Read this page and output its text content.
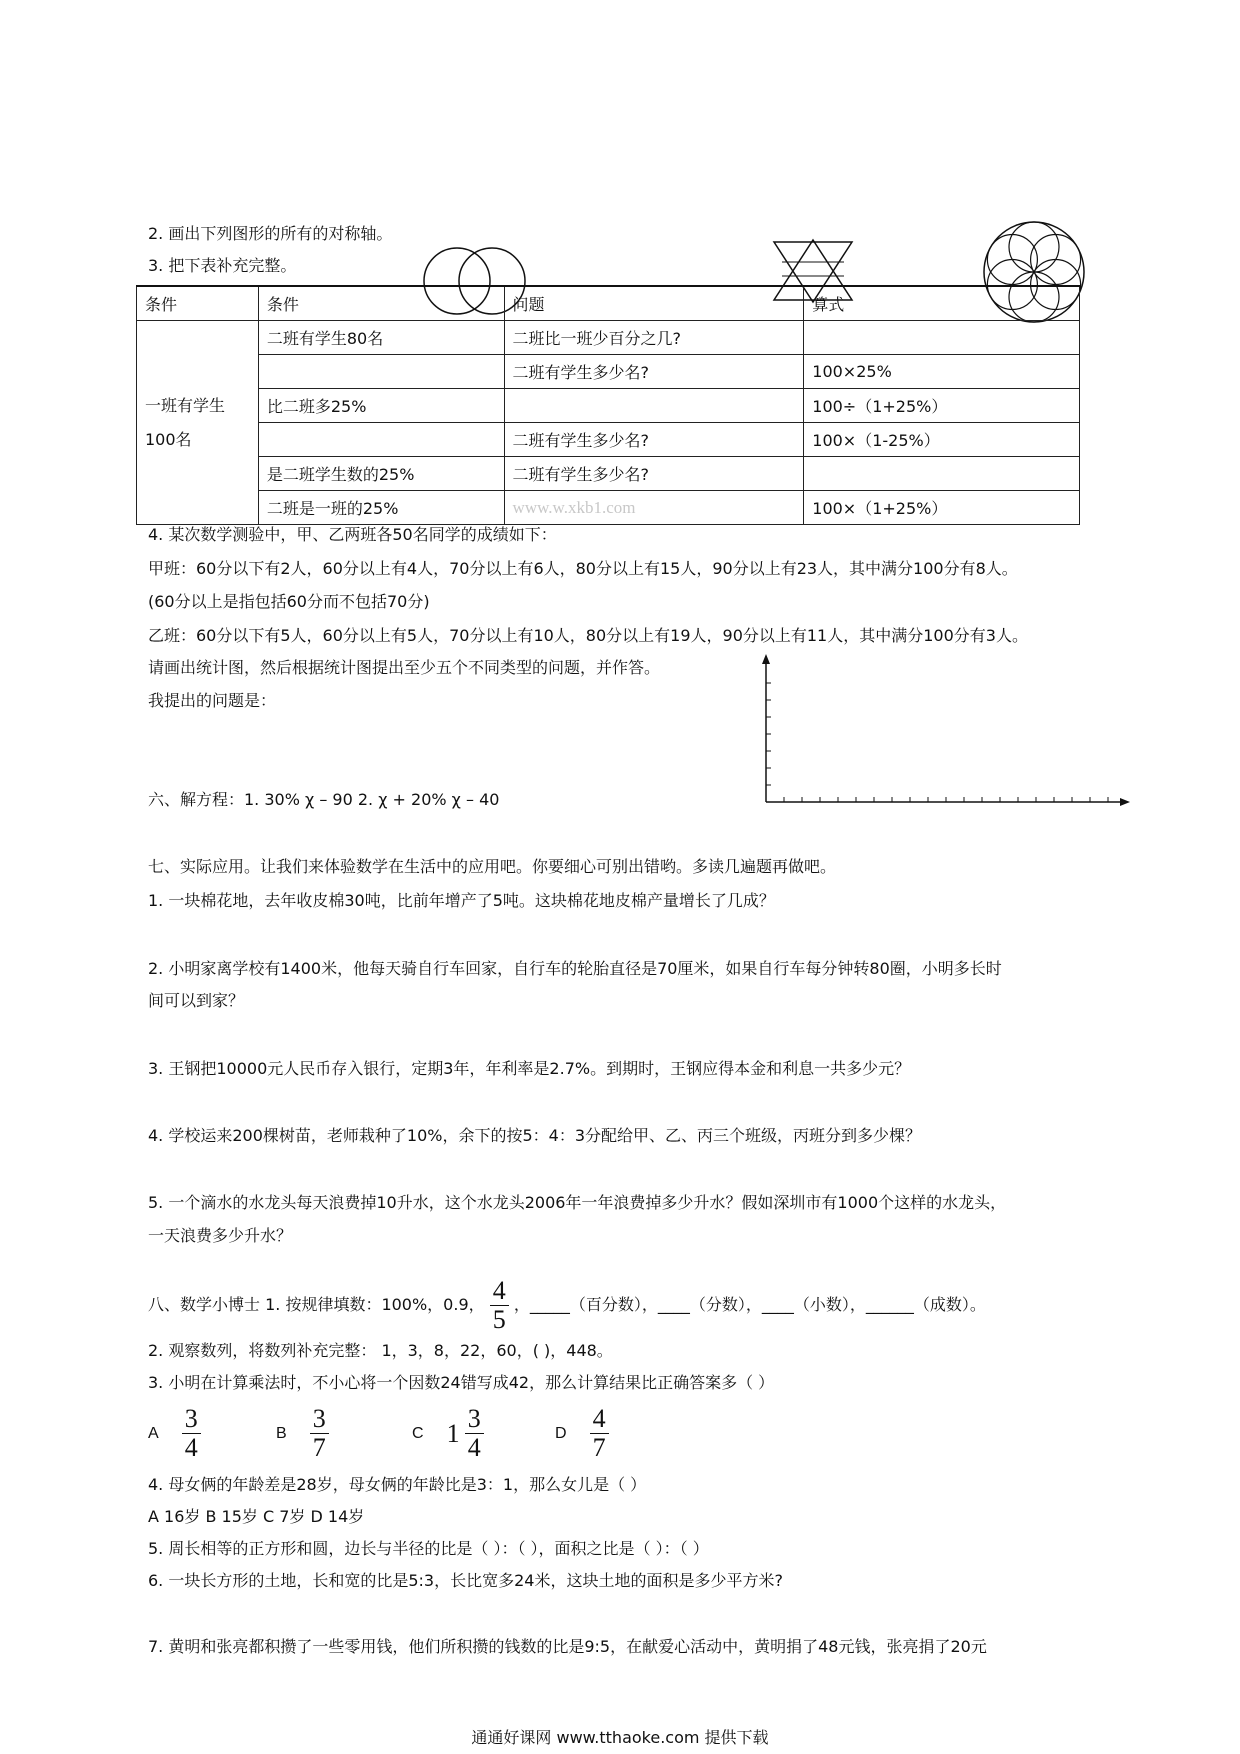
2. 画出下列图形的所有的对称轴。
3. 把下表补充完整。
条件	条件	问题	算式
一班有学生
100名	二班有学生80名	二班比一班少百分之几?	
		二班有学生多少名?	100×25%
	比二班多25%		100÷（1+25%）
		二班有学生多少名?	100×（1-25%）
	是二班学生数的25%	二班有学生多少名?	
	二班是一班的25%	www.w.xkb1.com	100×（1+25%）
4. 某次数学测验中，甲、乙两班各50名同学的成绩如下：
甲班：60分以下有2人，60分以上有4人，70分以上有6人，80分以上有15人，90分以上有23人，其中满分100分有8人。
(60分以上是指包括60分而不包括70分)
乙班：60分以下有5人，60分以上有5人，70分以上有10人，80分以上有19人，90分以上有11人，其中满分100分有3人。
请画出统计图，然后根据统计图提出至少五个不同类型的问题，并作答。
我提出的问题是：
六、解方程：1. 30% χ – 90 2. χ + 20% χ – 40
七、实际应用。让我们来体验数学在生活中的应用吧。你要细心可别出错哟。多读几遍题再做吧。
1. 一块棉花地，去年收皮棉30吨，比前年增产了5吨。这块棉花地皮棉产量增长了几成？
2. 小明家离学校有1400米，他每天骑自行车回家，自行车的轮胎直径是70厘米，如果自行车每分钟转80圈，小明多长时
间可以到家？
3. 王钢把10000元人民币存入银行，定期3年，年利率是2.7%。到期时，王钢应得本金和利息一共多少元？
4. 学校运来200棵树苗，老师栽种了10%，余下的按5：4：3分配给甲、乙、丙三个班级，丙班分到多少棵？
5. 一个滴水的水龙头每天浪费掉10升水，这个水龙头2006年一年浪费掉多少升水？假如深圳市有1000个这样的水龙头，
一天浪费多少升水？
八、数学小博士 1. 按规律填数：100%，0.9， $\frac{4}{5}$ ，_____（百分数），____（分数），____（小数），______（成数）。
2. 观察数列，将数列补充完整： 1，3，8，22，60，( )，448。
3. 小明在计算乘法时，不小心将一个因数24错写成42，那么计算结果比正确答案多（ ）
A $\frac{3}{4}$	B $\frac{3}{7}$	C $1 \frac{3}{4}$	D $\frac{4}{7}$
4. 母女俩的年龄差是28岁，母女俩的年龄比是3：1，那么女儿是（ ）
A 16岁 B 15岁 C 7岁 D 14岁
5. 周长相等的正方形和圆，边长与半径的比是（ ）：（ ），面积之比是（ ）：（ ）
6. 一块长方形的土地，长和宽的比是5:3，长比宽多24米，这块土地的面积是多少平方米?
7. 黄明和张亮都积攒了一些零用钱，他们所积攒的钱数的比是9:5，在献爱心活动中，黄明捐了48元钱，张亮捐了20元
通通好课网 www.tthaoke.com 提供下载
